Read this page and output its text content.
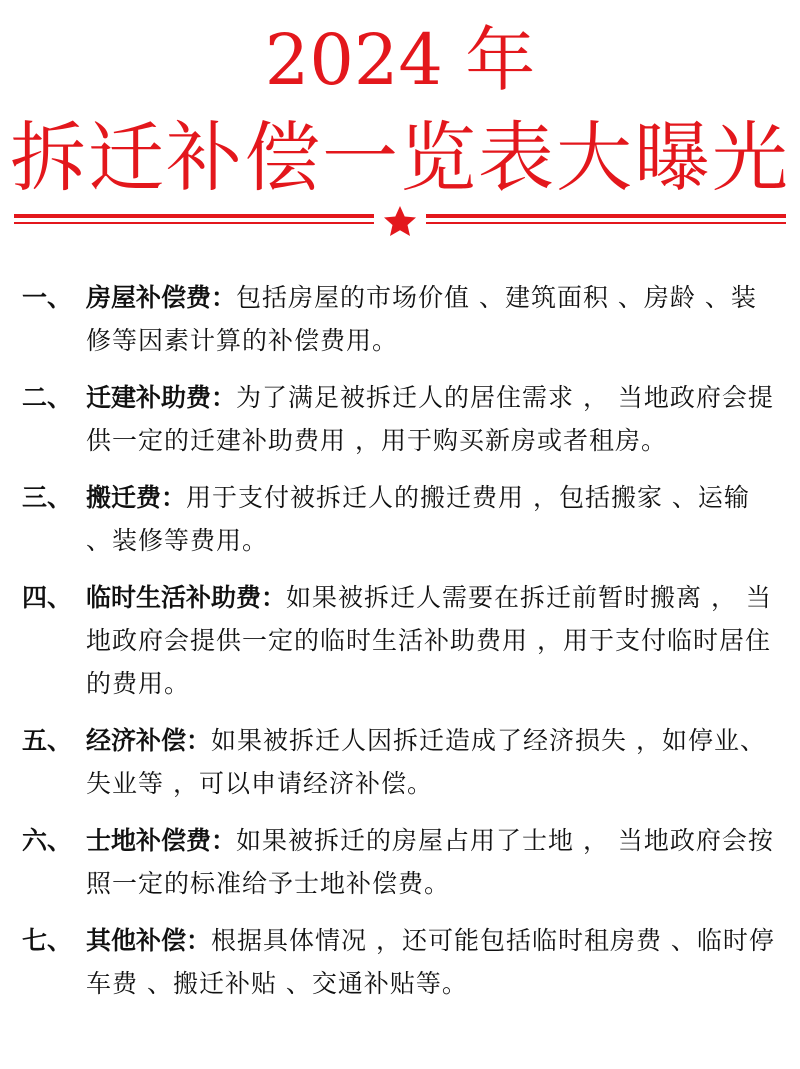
2024 年
拆迁补偿一览表大曝光
一、 房屋补偿费：包括房屋的市场价值 、建筑面积 、房龄 、装修等因素计算的补偿费用。
二、 迁建补助费：为了满足被拆迁人的居住需求 ， 当地政府会提供一定的迁建补助费用 ，用于购买新房或者租房。
三、 搬迁费：用于支付被拆迁人的搬迁费用 ，包括搬家 、运输 、装修等费用。
四、 临时生活补助费：如果被拆迁人需要在拆迁前暂时搬离 ， 当地政府会提供一定的临时生活补助费用 ，用于支付临时居住的费用。
五、 经济补偿：如果被拆迁人因拆迁造成了经济损失 ，如停业、失业等 ，可以申请经济补偿。
六、 士地补偿费：如果被拆迁的房屋占用了士地 ， 当地政府会按照一定的标准给予士地补偿费。
七、 其他补偿：根据具体情况 ，还可能包括临时租房费 、临时停车费 、搬迁补贴 、交通补贴等。
